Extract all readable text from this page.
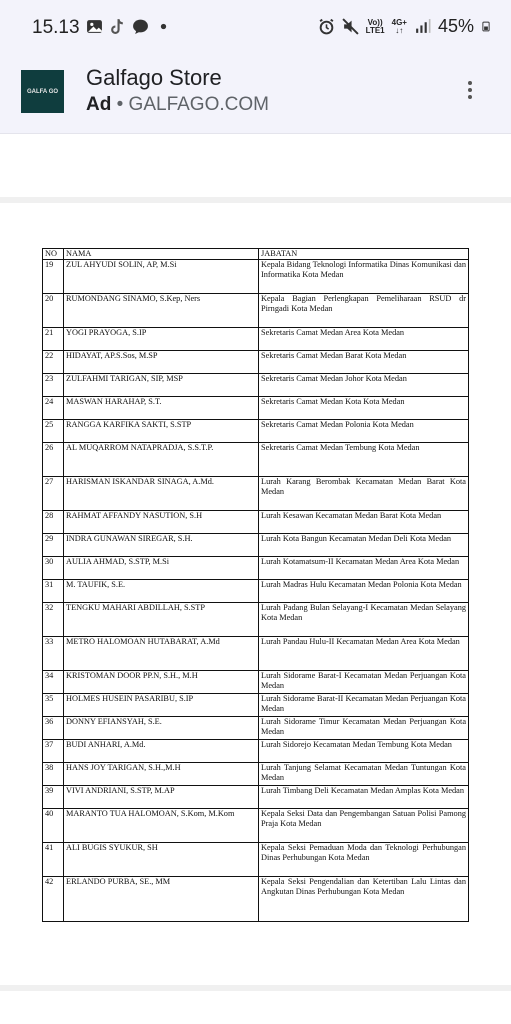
15.13	Vo))
LTE1
4G+
↓↑ 45%
GALFA GO
Galfago Store
Ad • GALFAGO.COM
NO	NAMA	JABATAN
19	ZUL AHYUDI SOLIN, AP, M.Si	Kepala Bidang Teknologi Informatika Dinas Komunikasi dan Informatika Kota Medan
20	RUMONDANG SINAMO, S.Kep, Ners	Kepala Bagian Perlengkapan Pemeliharaan RSUD dr Pirngadi Kota Medan
21	YOGI PRAYOGA, S.IP	Sekretaris Camat Medan Area Kota Medan
22	HIDAYAT, AP.S.Sos, M.SP	Sekretaris Camat Medan Barat Kota Medan
23	ZULFAHMI TARIGAN, SIP, MSP	Sekretaris Camat Medan Johor Kota Medan
24	MASWAN HARAHAP, S.T.	Sekretaris Camat Medan Kota Kota Medan
25	RANGGA KARFIKA SAKTI, S.STP	Sekretaris Camat Medan Polonia Kota Medan
26	AL MUQARROM NATAPRADJA, S.S.T.P.	Sekretaris Camat Medan Tembung Kota Medan
27	HARISMAN ISKANDAR SINAGA, A.Md.	Lurah Karang Berombak Kecamatan Medan Barat Kota Medan
28	RAHMAT AFFANDY NASUTION, S.H	Lurah Kesawan Kecamatan Medan Barat Kota Medan
29	INDRA GUNAWAN SIREGAR, S.H.	Lurah Kota Bangun Kecamatan Medan Deli Kota Medan
30	AULIA AHMAD, S.STP, M.Si	Lurah Kotamatsum-II Kecamatan Medan Area Kota Medan
31	M. TAUFIK, S.E.	Lurah Madras Hulu Kecamatan Medan Polonia Kota Medan
32	TENGKU MAHARI ABDILLAH, S.STP	Lurah Padang Bulan Selayang-I Kecamatan Medan Selayang Kota Medan
33	METRO HALOMOAN HUTABARAT, A.Md	Lurah Pandau Hulu-II Kecamatan Medan Area Kota Medan
34	KRISTOMAN DOOR PP.N, S.H., M.H	Lurah Sidorame Barat-I Kecamatan Medan Perjuangan Kota Medan
35	HOLMES HUSEIN PASARIBU, S.IP	Lurah Sidorame Barat-II Kecamatan Medan Perjuangan Kota Medan
36	DONNY EFIANSYAH, S.E.	Lurah Sidorame Timur Kecamatan Medan Perjuangan Kota Medan
37	BUDI ANHARI, A.Md.	Lurah Sidorejo Kecamatan Medan Tembung Kota Medan
38	HANS JOY TARIGAN, S.H.,M.H	Lurah Tanjung Selamat Kecamatan Medan Tuntungan Kota Medan
39	VIVI ANDRIANI, S.STP, M.AP	Lurah Timbang Deli Kecamatan Medan Amplas Kota Medan
40	MARANTO TUA HALOMOAN, S.Kom, M.Kom	Kepala Seksi Data dan Pengembangan Satuan Polisi Pamong Praja Kota Medan
41	ALI BUGIS SYUKUR, SH	Kepala Seksi Pemaduan Moda dan Teknologi Perhubungan Dinas Perhubungan Kota Medan
42	ERLANDO PURBA, SE., MM	Kepala Seksi Pengendalian dan Ketertiban Lalu Lintas dan Angkutan Dinas Perhubungan Kota Medan
